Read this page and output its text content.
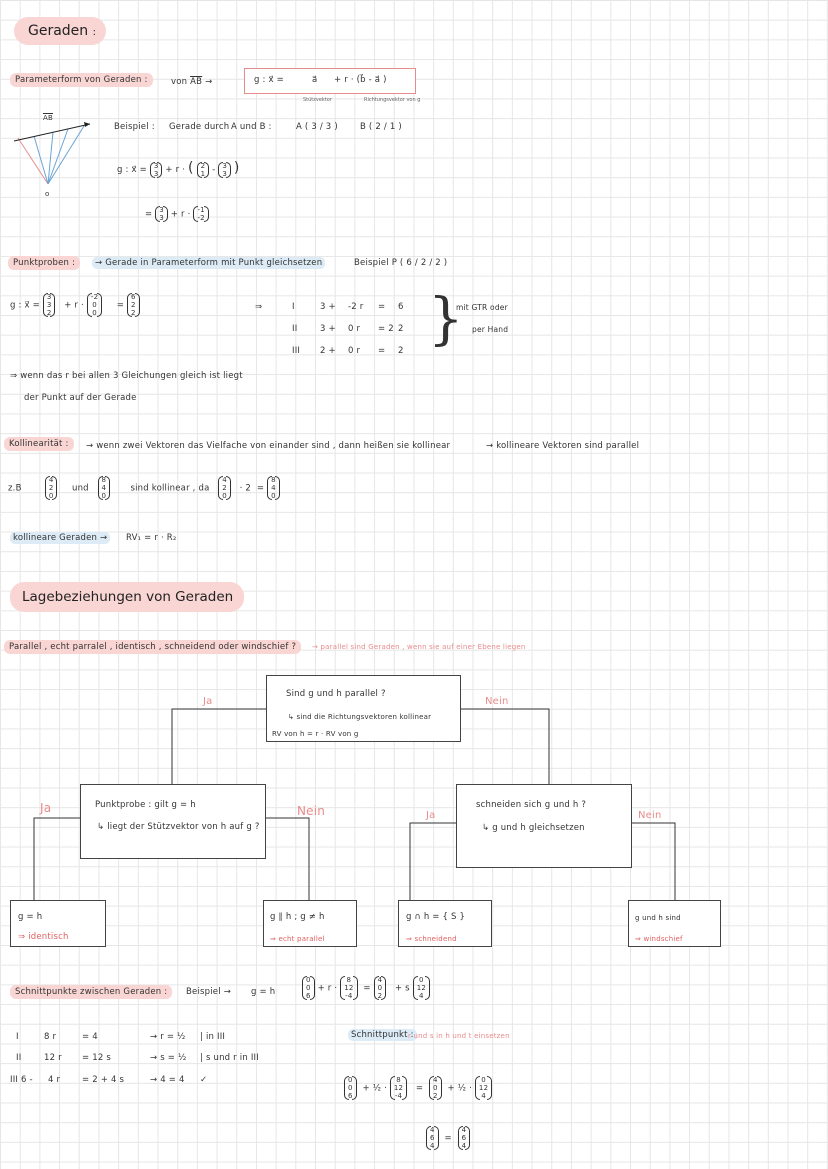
Geraden :
Parameterform von Geraden :	von $\overline{AB}$ →	g : x⃗ =	a⃗ + r · (b⃗ - a⃗ )
Stützvektor	Richtungsvektor von g
$\overline{AB}$
o
Beispiel : Gerade durch A und B :	A ( 3 / 3 )	B ( 2 / 1 )
g : x⃗ = 3
3 + r · ( 2
1 - 3
3 )
= 3
3 + r · -1
-2
Punktproben :	→ Gerade in Parameterform mit Punkt gleichsetzen	Beispiel P ( 6 / 2 / 2 )
g : x⃗ = 3
3
2   + r · -2
0
0     = 6
2
2
⇒	I	3 + -2 r = 6
II	3 + 0 r = 2 2
III 2 + 0 r = 2 }
mit GTR oder
per Hand
⇒ wenn das r bei allen 3 Gleichungen gleich ist liegt
der Punkt auf der Gerade
Kollinearität :	→ wenn zwei Vektoren das Vielfache von einander sind , dann heißen sie kollinear	→ kollineare Vektoren sind parallel
z.B        4
2
0     und   8
4
0       sind kollinear , da   4
2
0   · 2 = 8
4
0
kollineare Geraden →	RV₁ = r · R₂
Lagebeziehungen von Geraden
Parallel , echt parralel , identisch , schneidend oder windschief ?	→ parallel sind Geraden , wenn sie auf einer Ebene liegen
Sind g und h parallel ?
↳ sind die Richtungsvektoren kollinear
RV von h = r · RV von g
Ja	Nein
Punktprobe : gilt g = h
↳ liegt der Stützvektor von h auf g ?
Ja	Nein	schneiden sich g und h ?
↳ g und h gleichsetzen
Ja	Nein
g = h
⇒ identisch
g ∥ h ; g ≠ h
⇒ echt parallel
g ∩ h = { S }
⇒ schneidend
g und h sind
⇒ windschief
Schnittpunkte zwischen Geraden :	Beispiel → g = h
0
0
6 + r · 8
12
-4  = 4
0
2   + s 0
12
4
I	8 r	= 4	→ r = ½ | in III
II	12 r = 12 s	→ s = ½ | s und r in III
III 6 - 4 r	= 2 + 4 s	→ 4 = 4 ✓
Schnittpunkt :
r und s in h und t einsetzen
0
0
6  + ½ · 8
12
-4   =  4
0
2  + ½ · 0
12
4
4
6
4  =  4
6
4
